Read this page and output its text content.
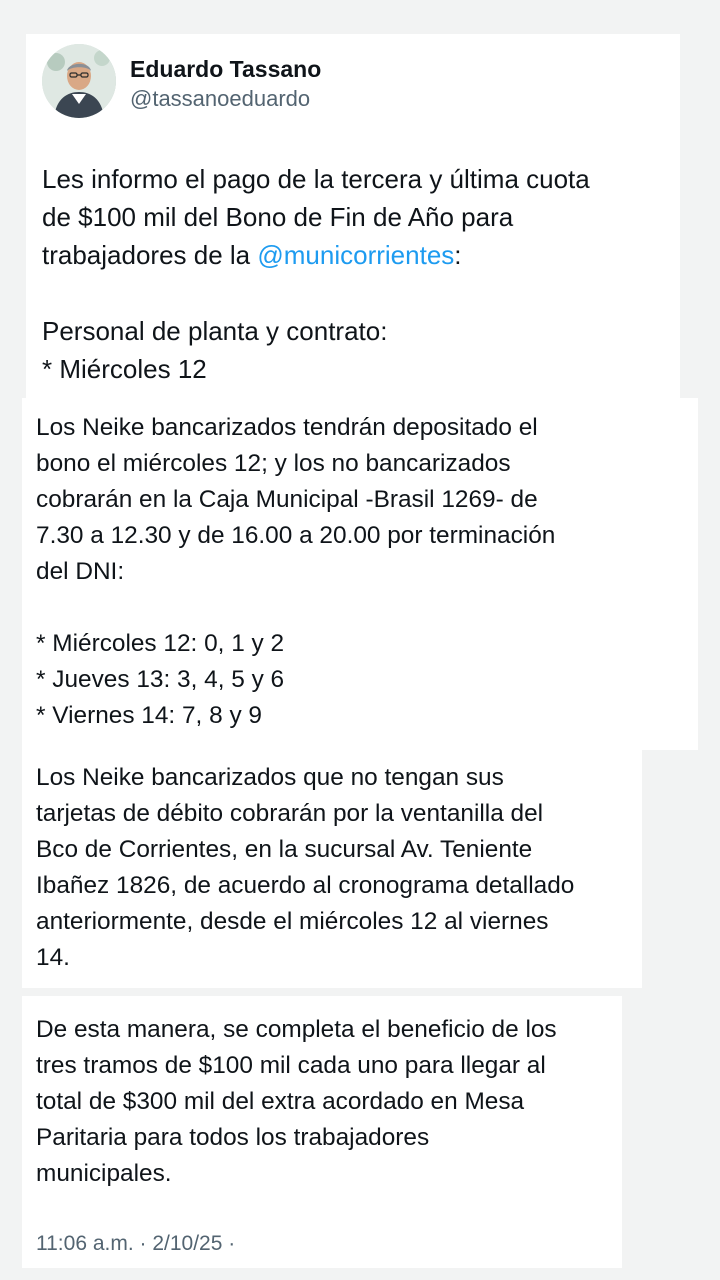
Eduardo Tassano
@tassanoeduardo

Les informo el pago de la tercera y última cuota

de $100 mil del Bono de Fin de Año para

trabajadores de la @municorrientes:

Personal de planta y contrato:

* Miércoles 12

Los Neike bancarizados tendrán depositado el

bono el miércoles 12; y los no bancarizados

cobrarán en la Caja Municipal -Brasil 1269- de

7.30 a 12.30 y de 16.00 a 20.00 por terminación

del DNI:

* Miércoles 12: 0, 1 y 2

* Jueves 13: 3, 4, 5 y 6

* Viernes 14: 7, 8 y 9

Los Neike bancarizados que no tengan sus

tarjetas de débito cobrarán por la ventanilla del

Bco de Corrientes, en la sucursal Av. Teniente

Ibañez 1826, de acuerdo al cronograma detallado

anteriormente, desde el miércoles 12 al viernes

14.

De esta manera, se completa el beneficio de los

tres tramos de $100 mil cada uno para llegar al

total de $300 mil del extra acordado en Mesa

Paritaria para todos los trabajadores

municipales.

11:06 a.m. · 2/10/25 ·
